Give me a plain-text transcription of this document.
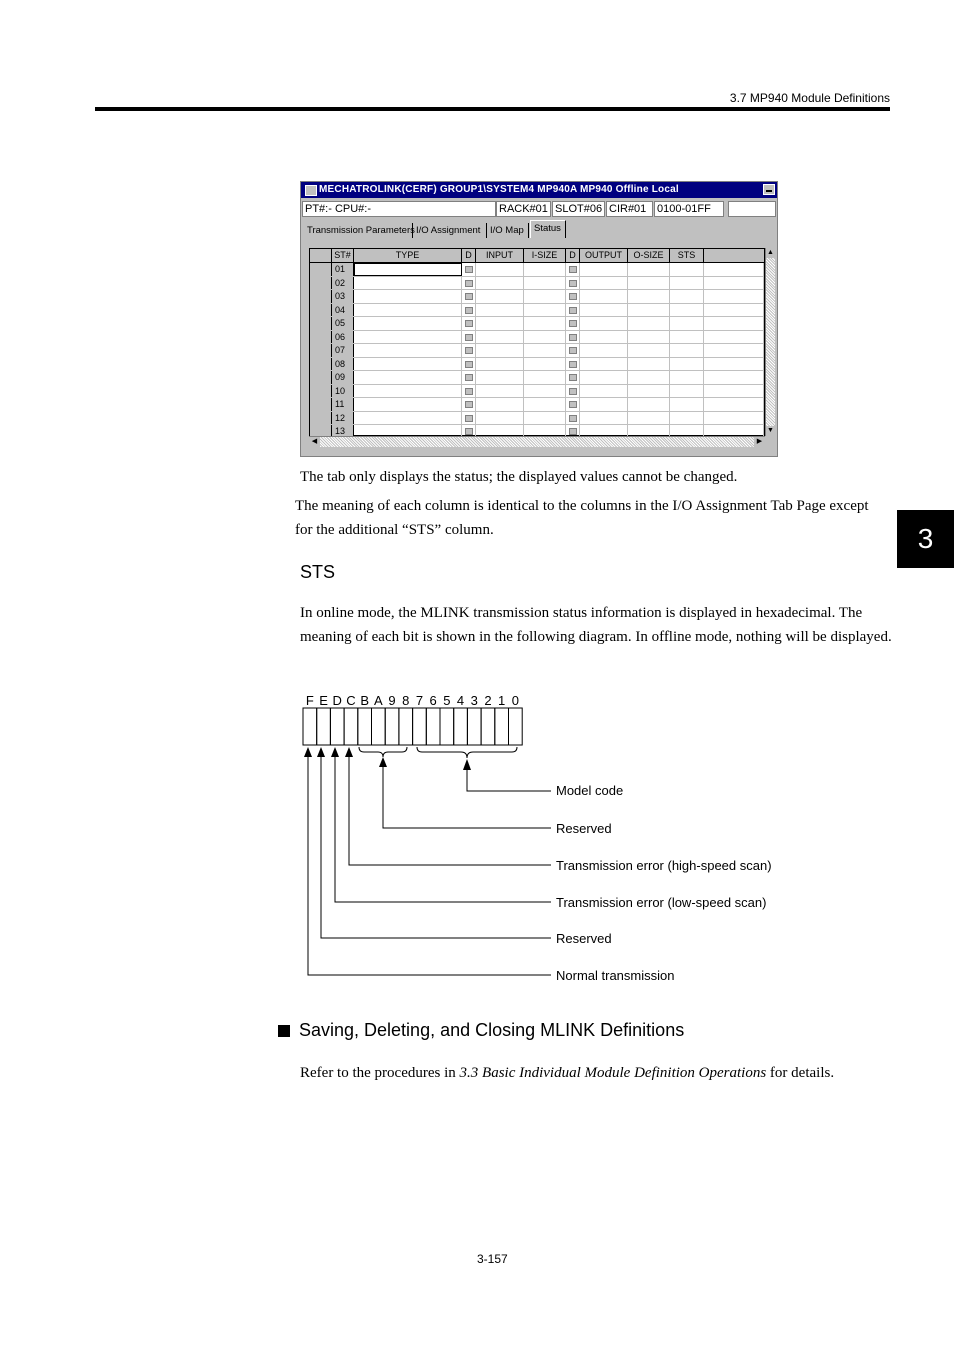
3.7 MP940 Module Definitions
3
MECHATROLINK(CERF) GROUP1\SYSTEM4 MP940A MP940 Offline Local
PT#:- CPU#:-	RACK#01 SLOT#06 CIR#01 0100-01FF
Transmission Parameters I/O Assignment	I/O Map	Status
ST#	TYPE	D	INPUT	I-SIZE	D	OUTPUT	O-SIZE	STS
01
02
03
04
05
06
07
08
09
10
11
12
13
▲
▼
◀	▶
The tab only displays the status; the displayed values cannot be changed.
The meaning of each column is identical to the columns in the I/O Assignment Tab Page except for the additional “STS” column.
STS
In online mode, the MLINK transmission status information is displayed in hexadecimal. The meaning of each bit is shown in the following diagram. In offline mode, nothing will be displayed.
F E D C B A 9 8 7 6 5 4 3 2 1 0
Model code
Reserved
Transmission error (high-speed scan)
Transmission error (low-speed scan)
Reserved
Normal transmission
Saving, Deleting, and Closing MLINK Definitions
Refer to the procedures in 3.3 Basic Individual Module Definition Operations for details.
3-157
